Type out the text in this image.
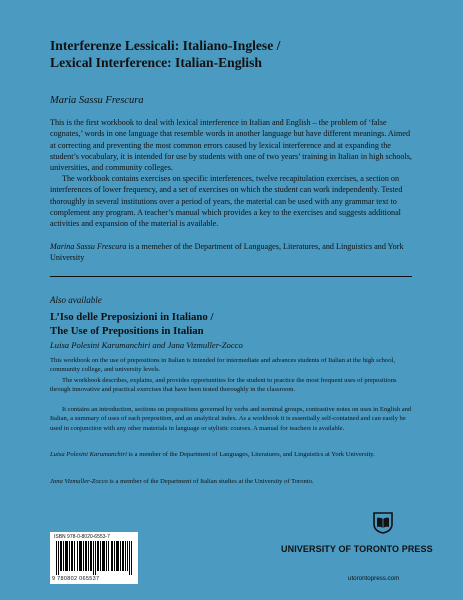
Interferenze Lessicali: Italiano-Inglese /
Lexical Interference: Italian-English
Maria Sassu Frescura

This is the first workbook to deal with lexical interference in Italian and English – the problem of ‘false cognates,’ words in one language that resemble words in another language but have different meanings. Aimed at correcting and preventing the most common errors caused by lexical interference and at expanding the student’s vocabulary, it is intended for use by students with one of two years’ training in Italian in high schools, universities, and community colleges.

The workbook contains exercises on specific interferences, twelve recapitulation exercises, a section on interferences of lower frequency, and a set of exercises on which the student can work independently. Tested thoroughly in several institutions over a period of years, the material can be used with any grammar text to complement any program. A teacher’s manual which provides a key to the exercises and suggests additional activities and expansion of the material is available.

Marina Sassu Frescura is a memeber of the Department of Languages, Literatures, and Linguistics and York University

Also available
L’Iso delle Preposizioni in Italiano /
The Use of Prepositions in Italian
Luisa Polesini Karumanchiri and Jana Vizmuller-Zocco

This workbook on the use of prepositions in Italian is intended for intermediate and advances students of Italian at the high school, community college, and university levels.

The workbook describes, explains, and provides opportunities for the student to practice the most frequent uses of prepositions through innovative and practical exercises that have been tested thoroughly in the classroom.

It contains an introduction, sections on prepositions governed by verbs and nominal groups, contrastive notes on uses in English and Italian, a summary of uses of each preposition, and an analytical index. As a workbook it is essentially self-contained and can easily be used in conjunction with any other materials in language or stylistic courses. A manual for teachers is available.

Luisa Polesini Karumanchiri is a member of the Department of Languages, Literatures, and Linguistics at York University.

Jana Vizmuller-Zocco is a member of the Department of Italian studies at the University of Toronto.

ISBN 978-0-8020-6553-7
9 780802 065537
UNIVERSITY OF TORONTO PRESS
utorontopress.com
